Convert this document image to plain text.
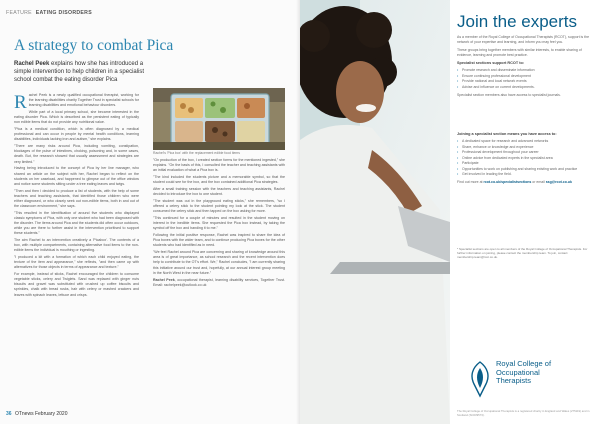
FEATURE EATING DISORDERS
A strategy to combat Pica
Rachel Peek explains how she has introduced a simple intervention to help children in a specialist school combat the eating disorder Pica

Rachel Peek is a newly qualified occupational therapist, working for the learning disabilities charity Together Trust in specialist schools for learning disabilities and emotional behaviour disorders.

While part of a local primary school, she became interested in the eating disorder Pica. Which is described as the persistent eating of typically non edible items that do not provide any nutritional value.

"Pica is a medical condition, which is often diagnosed by a medical professional and can occur in people by mental health conditions, learning disabilities, individuals lacking iron and autism," she explains.

"There are many risks around Pica, including vomiting, constipation, blockages of the pulse of intestines, choking, poisoning and, in some cases, death. But, the research showed that usually assessment and strategies are very limited."

Having being introduced to the concept of Pica by her line manager, who shared an article on the subject with her, Rachel began to reflect on the students on her caseload, and happened to glimpse out of the office window and notice some students sitting under a tree eating leaves and twigs.

"Then and then I decided to produce a list of students, with the help of some teachers and teaching assistants, that identified those children who were either diagnosed, or who closely seek out non-edible items, both in and out of the classroom environment," she says.

"This resulted in the identification of around five students who displayed classic symptoms of Pica, with only one student who had been diagnosed with the disorder. The items around Pica and the students did often occur outdoors, while you are there to further assist in the intervention prioritised to support these students."

The aim Rachel to an intervention creatively a 'Picabox'. The contents of a box, with multiple compartments, containing alternative food items to the non-edible items the individual is mouthing or ingesting.

"I produced a kit with a formation of which each child enjoyed eating, the texture of the item and appearance," she reflects, "and then came up with alternatives for those objects in terms of appearance and texture."

For example, instead of sticks, Rachel encouraged the children to consume vegetable sticks, celery and Twiglets. Sand was replaced with ginger nuts biscuits and gravel was substituted with crushed up coffee biscuits and sprinkles, chalk with bread rusks, hair with celery or mashed crackers and leaves with spinach leaves, lettuce and crisps.

Rachel's 'Pica box' with the replacement edible food items

"On production of the box, I created section forms for the mentioned ingested," she explains. "On the basis of this, I consulted the teacher and teaching assistants with an initial evaluation of what a Pica box is.

"The kind included the students picture and a memorable symbol, so that the student could see for the box, and the box contained additional Pica strategies.

After a small training session with the teachers and teaching assistants, Rachel decided to introduce the box to one student.

"The student was out in the playground eating sticks," she remembers, "so I offered a celery stick to the student pointing my look at the stick. The student consumed the celery stick and then tapped on the box asking for more.

"This continued for a couple of minutes and resulted in the student moving on interest in the inedible items. She requested the Pica box instead, by taking the symbol off the box and handing it to me."

Following the initial positive response, Rachel was inspired to share the idea of Pica boxes with the wider team, and to continue producing Pica boxes for the other students who had identified as in need.

"We feel Rachel around Pica are concerning and sharing of knowledge around this area is of great importance, as school research and the recent intervention does help to contribute to the OT's effort. We," Rachel concludes, "I am currently sharing this initiative around our trust and, hopefully, at our annual interest group meeting in the North West in the near future."

Rachel Peek, occupational therapist, learning disability services, Together Trust. Email: rachelpeek@outlook.co.uk

36 OTnews February 2020
Join the experts

As a member of the Royal College of Occupational Therapists (RCOT), support is the network of your expertise and learning, and inform you may feel you.

These groups bring together members with similar interests, to enable sharing of evidence, learning and promote best practice.

Specialist sections support RCOT to:
• Promote research and disseminate information
• Ensure continuing professional development
• Provide national and local network events
• Advise and influence on current developments.

Specialist section members also have access to specialist journals.

Joining a specialist section means you have access to:
• A dedicated space for research and advanced networks
• Share, enhance or knowledge and experience
• Professional development throughout your career
• Online advice from dedicated experts in the specialist area
• Participate
• Opportunities to work on publishing and sharing existing work and practice
• Get involved in leading the field.

Find out more at rcot.co.uk/specialistsections or email ssg@rcot.co.uk

* Specialist sections are open to all members of the Royal College of Occupational Therapists. For further information on joining, please contact the membership team. To join, contact membership.team@rcot.co.uk.
Royal College of
Occupational
Therapists
The Royal College of Occupational Therapists is a registered charity in England and Wales (275119) and in Scotland (SC039573).
